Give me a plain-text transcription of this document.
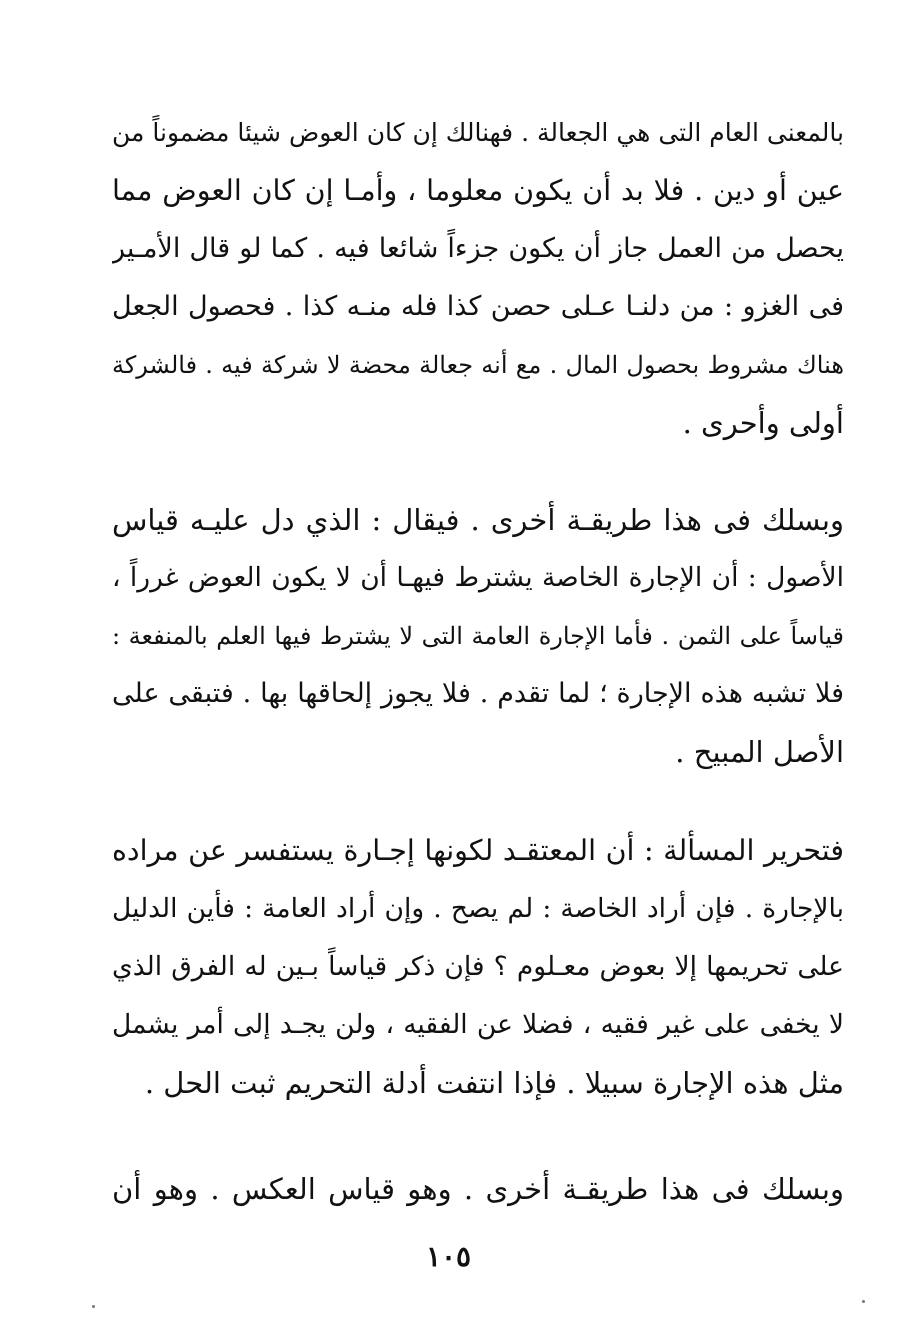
بالمعنى العام التى هي الجعالة . فهنالك إن كان العوض شيئا مضموناً من
عين أو دين . فلا بد أن يكون معلوما ، وأمـا إن كان العوض مما
يحصل من العمل جاز أن يكون جزءاً شائعا فيه . كما لو قال الأمـير
فى الغزو : من دلنـا عـلى حصن كذا فله منـه كذا . فحصول الجعل
هناك مشروط بحصول المال . مع أنه جعالة محضة لا شركة فيه . فالشركة
أولى وأحرى .
وبسلك فى هذا طريقـة أخرى . فيقال : الذي دل عليـه قياس
الأصول : أن الإجارة الخاصة يشترط فيهـا أن لا يكون العوض غرراً ،
قياساً على الثمن . فأما الإجارة العامة التى لا يشترط فيها العلم بالمنفعة :
فلا تشبه هذه الإجارة ؛ لما تقدم . فلا يجوز إلحاقها بها . فتبقى على
الأصل المبيح .
فتحرير المسألة : أن المعتقـد لكونها إجـارة يستفسر عن مراده
بالإجارة . فإن أراد الخاصة : لم يصح . وإن أراد العامة : فأين الدليل
على تحريمها إلا بعوض معـلوم ؟ فإن ذكر قياساً بـين له الفرق الذي
لا يخفى على غير فقيه ، فضلا عن الفقيه ، ولن يجـد إلى أمر يشمل
مثل هذه الإجارة سبيلا . فإذا انتفت أدلة التحريم ثبت الحل .
وبسلك فى هذا طريقـة أخرى . وهو قياس العكس . وهو أن
١٠٥
